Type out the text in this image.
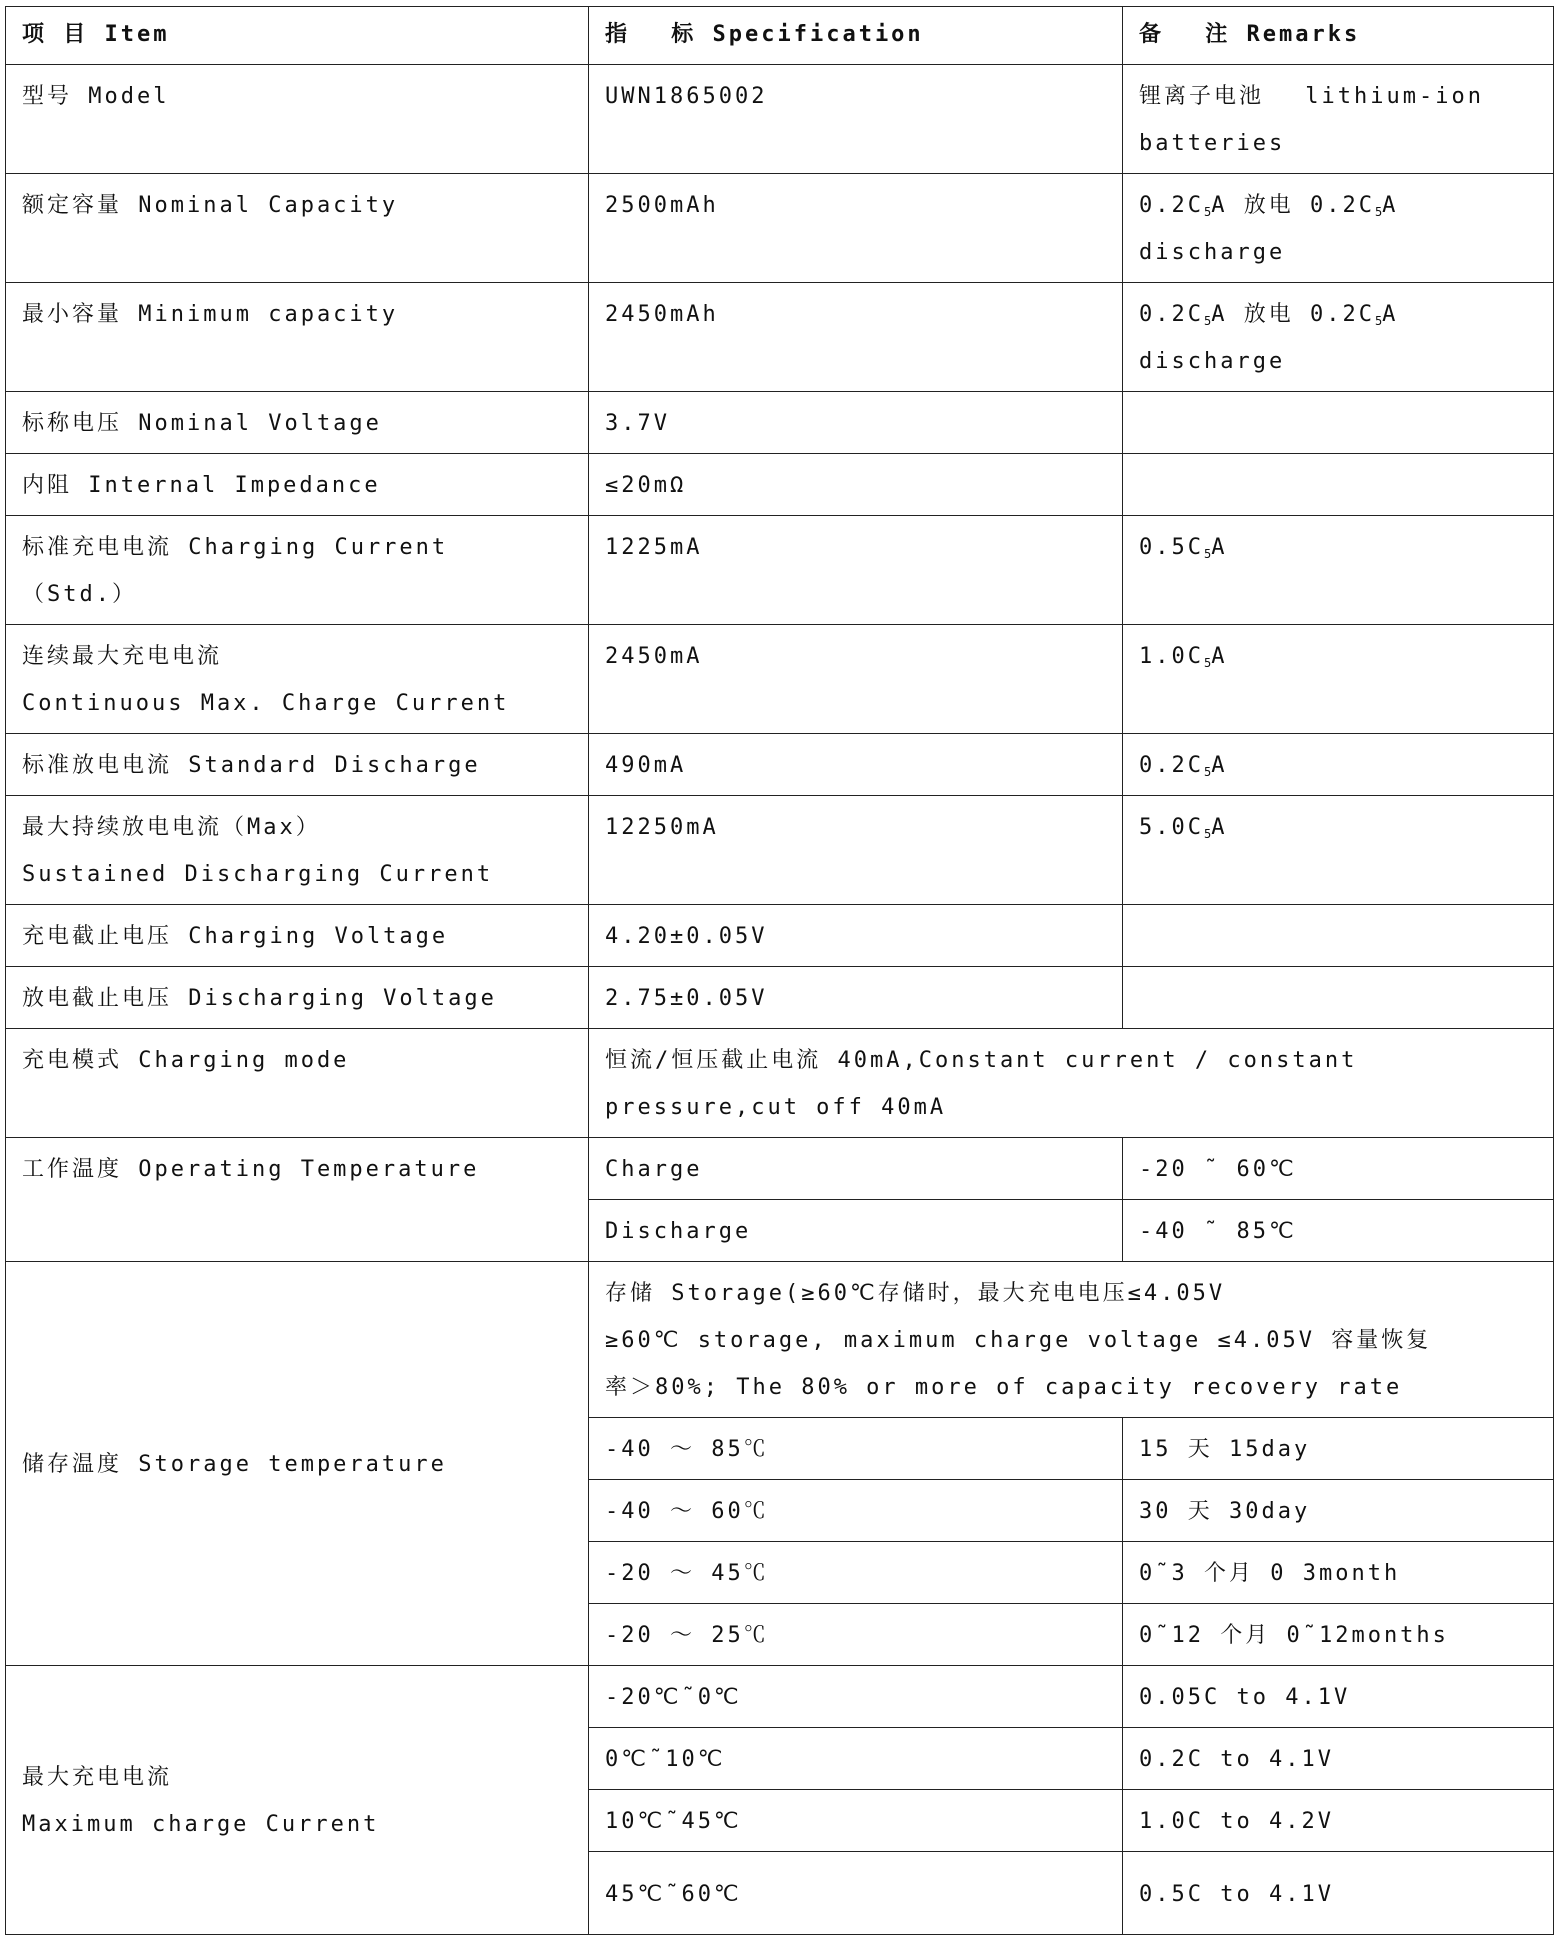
项 目 Item	指　 标 Specification	备　 注 Remarks
型号 Model	UWN1865002	锂离子电池　 lithium-ion
batteries

额定容量 Nominal Capacity	2500mAh	$0.2C_5A$ 放电 $0.2C_5A$ discharge
最小容量 Minimum capacity	2450mAh	$0.2C_5A$ 放电 $0.2C_5A$ discharge
标称电压 Nominal Voltage	3.7V	
内阻 Internal Impedance	≤20mΩ	

标准充电电流 Charging Current
（Std.）	1225mA	$0.5C_5A$

连续最大充电电流
Continuous Max. Charge Current	2450mA	$1.0C_5A$
标准放电电流 Standard Discharge	490mA	$0.2C_5A$

最大持续放电电流（Max）
Sustained Discharging Current	12250mA	$5.0C_5A$
充电截止电压 Charging Voltage	4.20±0.05V	
放电截止电压 Discharging Voltage	2.75±0.05V	
充电模式 Charging mode	恒流/恒压截止电流 40mA,Constant current / constant
pressure,cut off 40mA	

工作温度 Operating Temperature	Charge	-20 ˜ 60℃
	Discharge	-40 ˜ 85℃
储存温度 Storage temperature	存储 Storage(≥60℃存储时，最大充电电压≤4.05V
≥60℃ storage, maximum charge voltage ≤4.05V 容量恢复
率＞80%; The 80% or more of capacity recovery rate	

	-40 ～ 85℃	15 天 15day
	-40 ～ 60℃	30 天 30day
	-20 ～ 45℃	0˜3 个月 0 3month
	-20 ～ 25℃	0˜12 个月 0˜12months

最大充电电流
Maximum charge Current	-20℃˜0℃	0.05C to 4.1V
	0℃˜10℃	0.2C to 4.1V
	10℃˜45℃	1.0C to 4.2V
	45℃˜60℃	0.5C to 4.1V
